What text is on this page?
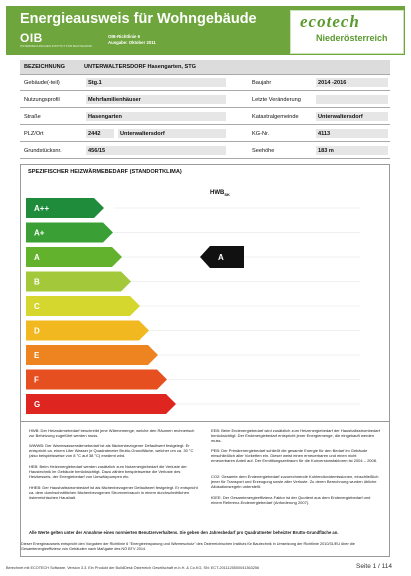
Energieausweis für Wohngebäude
OIB
ÖSTERREICHISCHES INSTITUT FÜR BAUTECHNIK
OIB-Richtlinie 6
Ausgabe: Oktober 2011
ecotech
Niederösterreich
BEZEICHNUNG	UNTERWALTERSDORF Hasengarten, STG
Gebäude(-teil)	Stg.1	Baujahr	2014 -2016
Nutzungsprofil	Mehrfamilienhäuser	Letzte Veränderung
Straße	Hasengarten	Katastralgemeinde	Unterwaltersdorf
PLZ/Ort	2442	Unterwaltersdorf	KG-Nr.	4113
Grundstücksnr.	456/15	Seehöhe	183 m
SPEZIFISCHER HEIZWÄRMEBEDARF (STANDORTKLIMA)
$HWB_{SK}$
A++
A+
A
B
C
D
E
F
G
A
HWB: Der Heizwärmebedarf beschreibt jene Wärmemenge, welche den Räumen rechnerisch zur Beheizung zugeführt werden muss.
WWWB: Der Warmwasserwärmebedarf ist als flächenbezogener Defaultwert festgelegt. Er entspricht ca. einem Liter Wasser je Quadratmeter Brutto-Grundfläche, welcher um ca. 30 °C (also beispielsweise von 8 °C auf 38 °C) erwärmt wird.
HEB: Beim Heizenergiebedarf werden zusätzlich zum Nutzenergiebedarf die Verluste der Haustechnik im Gebäude berücksichtigt. Dazu zählen beispielsweise die Verluste des Heizkessels, der Energiebedarf von Umwälzpumpen etc.
HHEB: Der Haushaltsstrombedarf ist als flächenbezogener Defaultwert festgelegt. Er entspricht ca. dem durchschnittlichen flächenbezogenen Stromverbrauch in einem durchschnittlichen österreichischen Haushalt.
EEB: Beim Endenergiebedarf wird zusätzlich zum Heizenergiebedarf der Haushaltsstrombedarf berücksichtigt. Der Endenergiebedarf entspricht jener Energiemenge, die eingekauft werden muss.
PEB: Der Primärenergiebedarf schließt die gesamte Energie für den Bedarf im Gebäude einschließlich aller Vorketten ein. Dieser weist einen erneuerbaren und einen nicht erneuerbaren Anteil auf. Der Ermittlungszeitraum für die Konversionsfaktoren ist 2004 – 2008.
CO2: Gesamte dem Endenergiebedarf zuzurechnende Kohlendioxidemissionen, einschließlich jener für Transport und Erzeugung sowie aller Verluste. Zu deren Berechnung wurden übliche Allokationsregeln unterstellt.
fGEE: Der Gesamtenergieeffizienz-Faktor ist der Quotient aus dem Endenergiebedarf und einem Referenz-Endenergiebedarf (Anforderung 2007).
Alle Werte gelten unter der Annahme eines normierten Benutzerverhaltens. Sie geben den Jahresbedarf pro Quadratmeter beheizter Brutto-Grundfläche an.
Dieser Energieausweis entspricht den Vorgaben der Richtlinie 6 "Energieeinsparung und Wärmeschutz" des Österreichischen Instituts für Bautechnik in Umsetzung der Richtlinie 2010/31/EU über die Gesamtenergieeffizienz von Gebäuden nach Maßgabe des NÖ BTV 2014.
Berechnet mit ECOTECH Software. Version 3.3. Ein Produkt der BuildDesk Österreich Gesellschaft m.b.H. & Co.KG, SN: ECT-2011125500041363256	Seite 1 / 114
